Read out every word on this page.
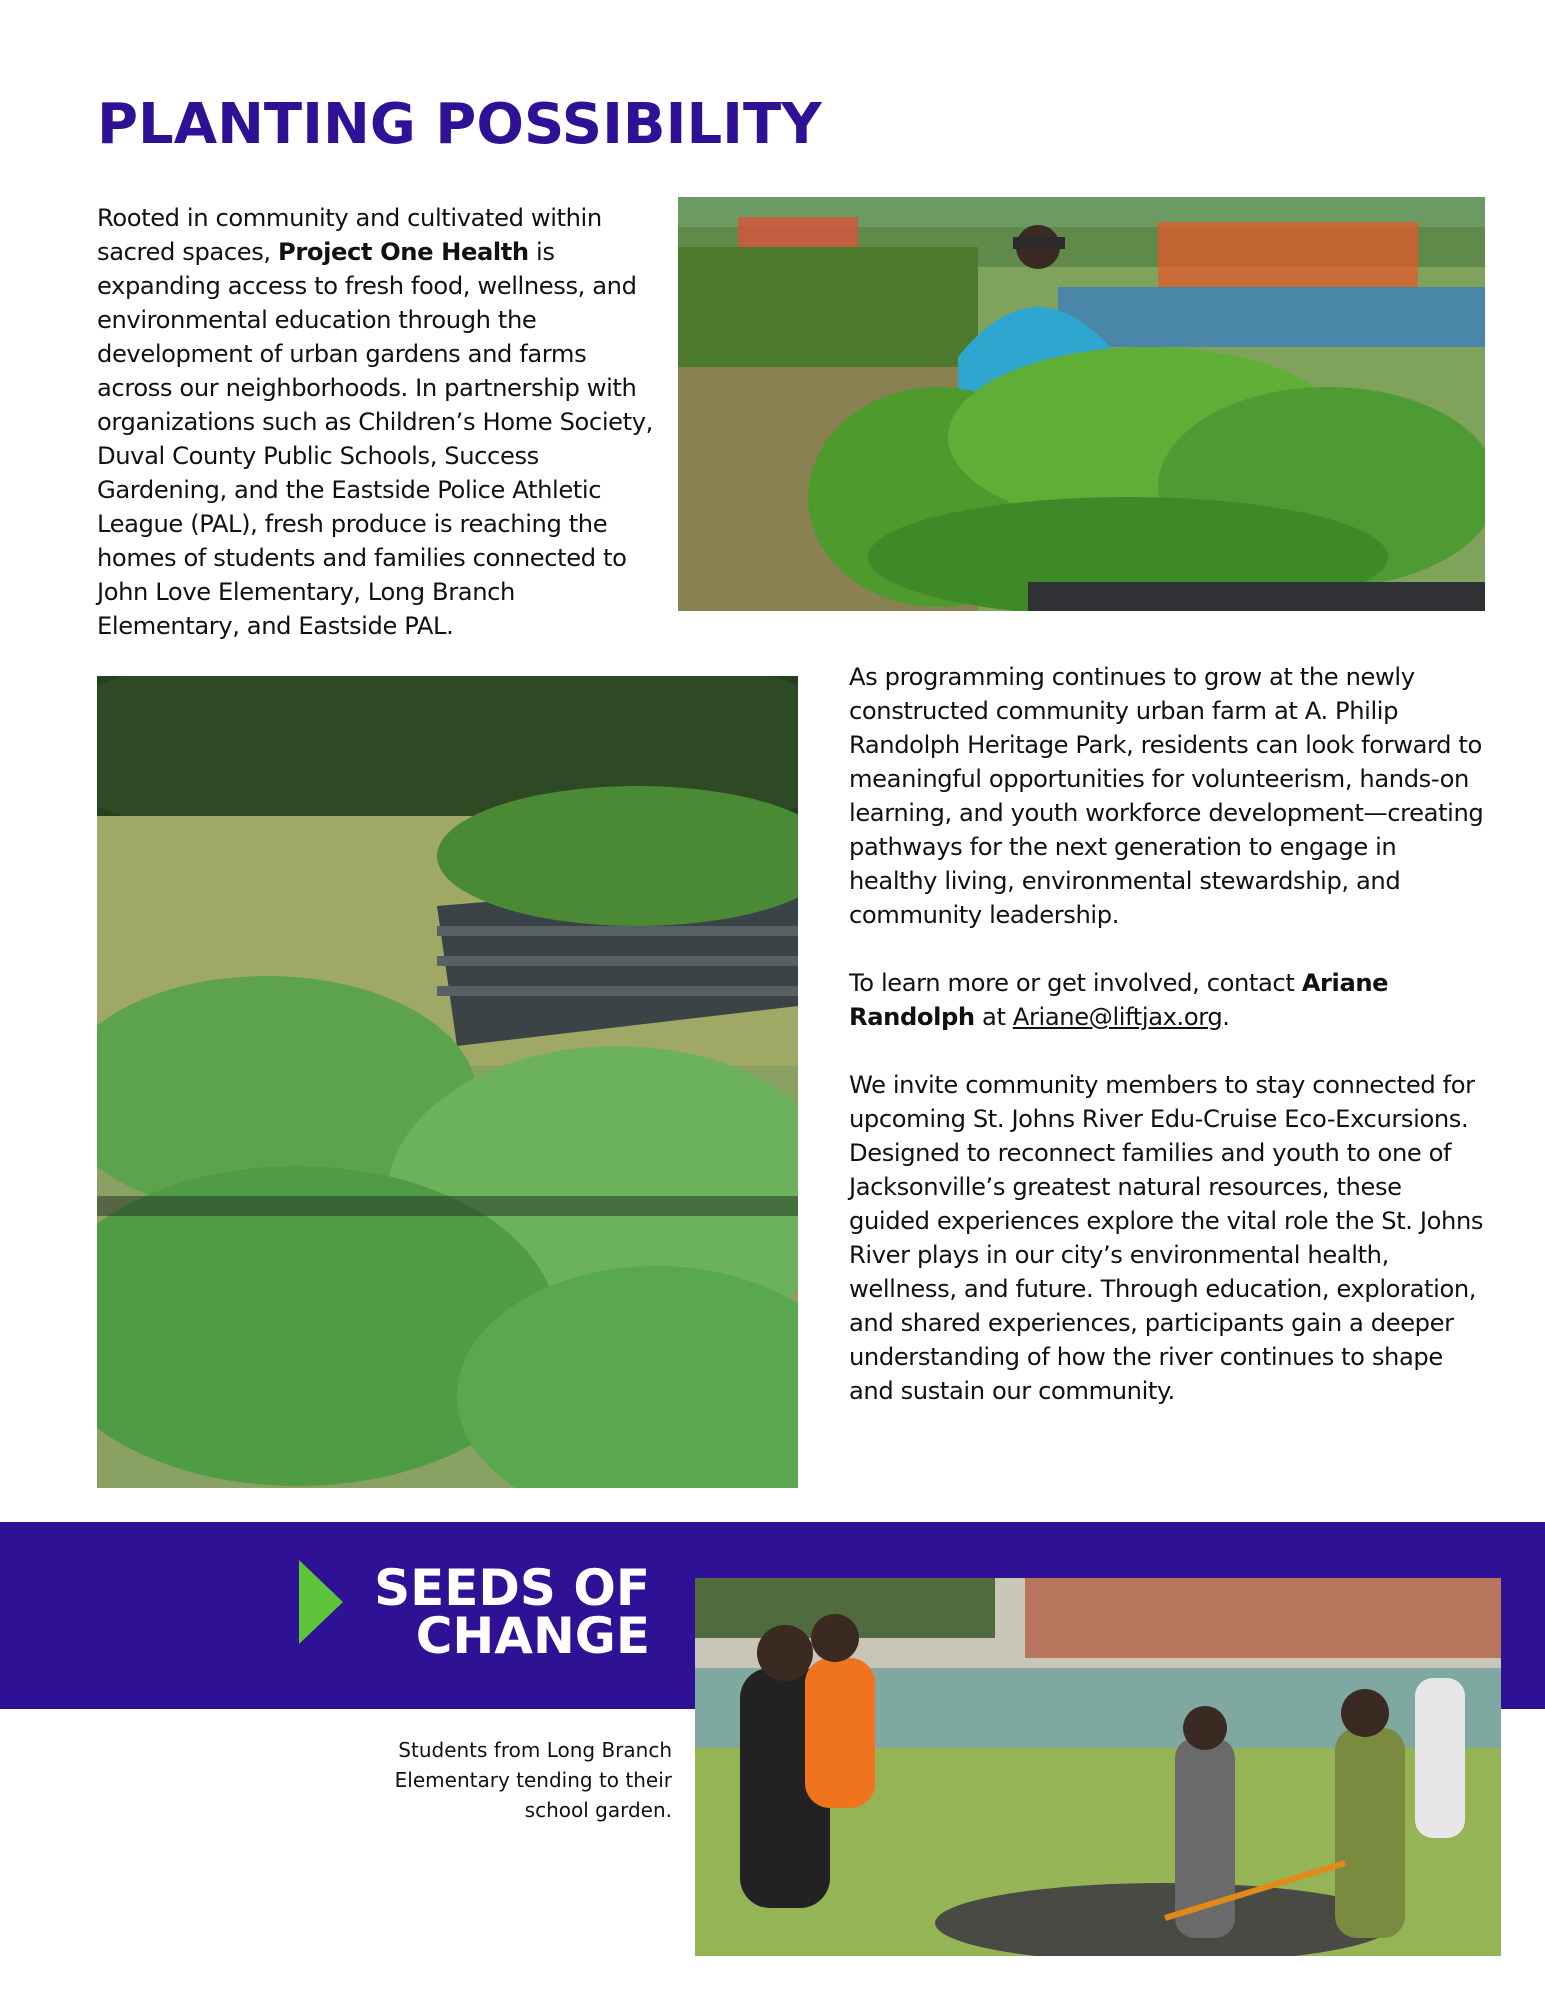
PLANTING POSSIBILITY

Rooted in community and cultivated within sacred spaces, Project One Health is expanding access to fresh food, wellness, and environmental education through the development of urban gardens and farms across our neighborhoods. In partnership with organizations such as Children’s Home Society, Duval County Public Schools, Success Gardening, and the Eastside Police Athletic League (PAL), fresh produce is reaching the homes of students and families connected to John Love Elementary, Long Branch Elementary, and Eastside PAL.

As programming continues to grow at the newly constructed community urban farm at A. Philip Randolph Heritage Park, residents can look forward to meaningful opportunities for volunteerism, hands-on learning, and youth workforce development—creating pathways for the next generation to engage in healthy living, environmental stewardship, and community leadership.

To learn more or get involved, contact Ariane Randolph at Ariane@liftjax.org.

We invite community members to stay connected for upcoming St. Johns River Edu-Cruise Eco-Excursions. Designed to reconnect families and youth to one of Jacksonville’s greatest natural resources, these guided experiences explore the vital role the St. Johns River plays in our city’s environmental health, wellness, and future. Through education, exploration, and shared experiences, participants gain a deeper understanding of how the river continues to shape and sustain our community.

SEEDS OF
CHANGE

Students from Long Branch Elementary tending to their school garden.
